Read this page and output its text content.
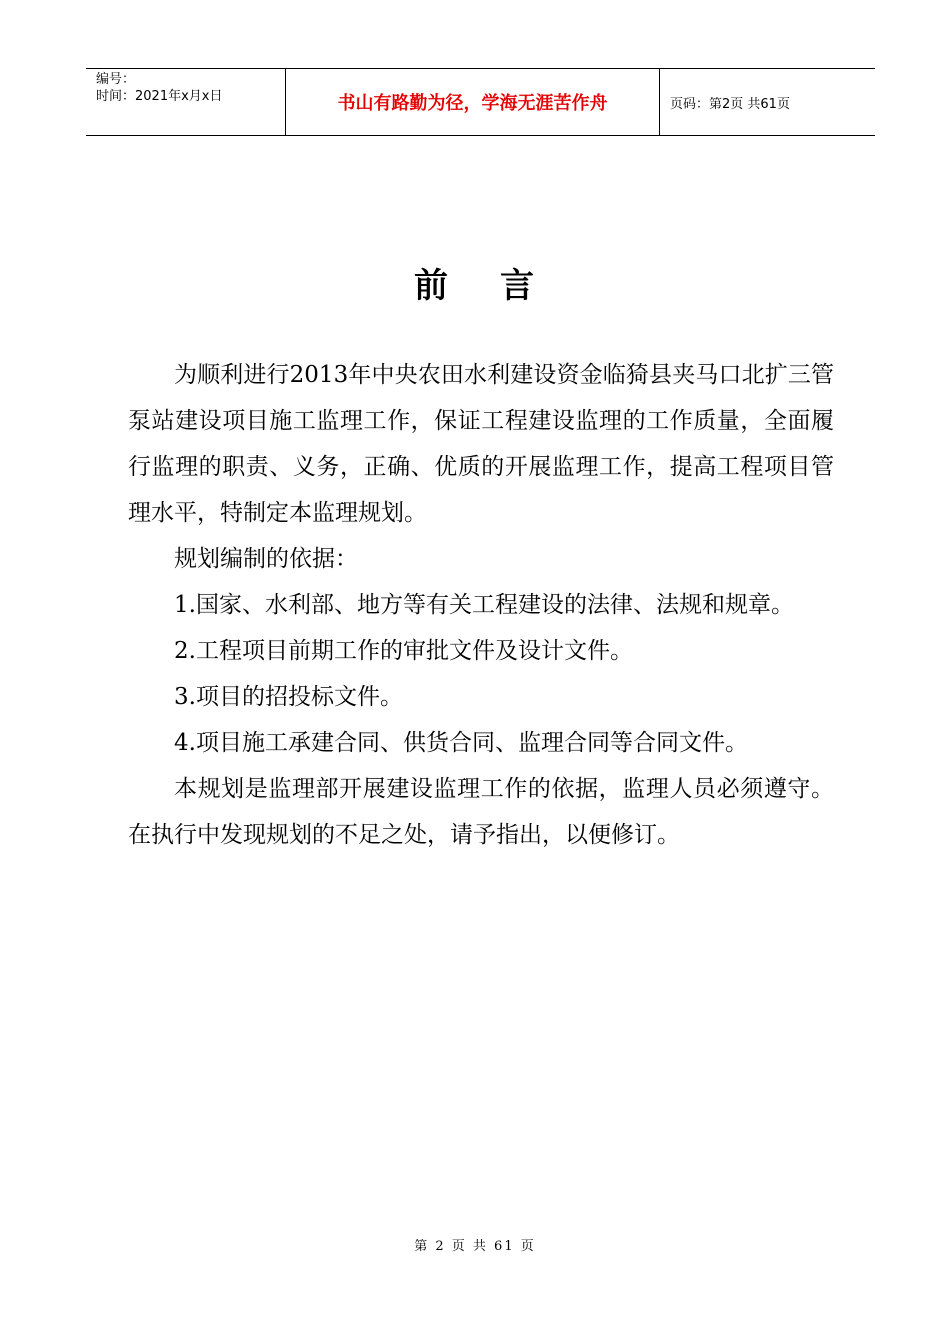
编号：
时间：2021年x月x日	书山有路勤为径，学海无涯苦作舟	页码：第2页 共61页
前 言

为顺利进行2013年中央农田水利建设资金临猗县夹马口北扩三管泵站建设项目施工监理工作，保证工程建设监理的工作质量，全面履行监理的职责、义务，正确、优质的开展监理工作，提高工程项目管理水平，特制定本监理规划。

规划编制的依据：

1.国家、水利部、地方等有关工程建设的法律、法规和规章。

2.工程项目前期工作的审批文件及设计文件。

3.项目的招投标文件。

4.项目施工承建合同、供货合同、监理合同等合同文件。

本规划是监理部开展建设监理工作的依据，监理人员必须遵守。在执行中发现规划的不足之处，请予指出，以便修订。

第 2 页 共 61 页
